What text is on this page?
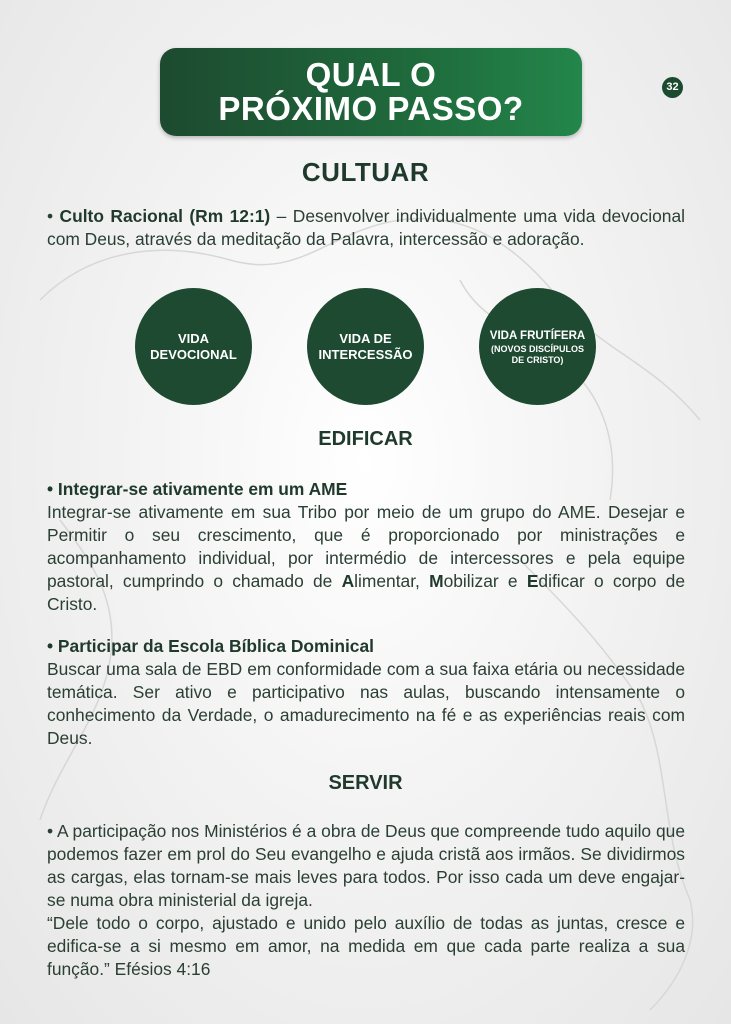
QUAL O
PRÓXIMO PASSO?
32
CULTUAR

• Culto Racional (Rm 12:1) – Desenvolver individualmente uma vida devocional com Deus, através da meditação da Palavra, intercessão e adoração.

VIDA
DEVOCIONAL
VIDA DE
INTERCESSÃO
VIDA FRUTÍFERA
(NOVOS DISCÍPULOS
DE CRISTO)
EDIFICAR

• Integrar-se ativamente em um AME

Integrar-se ativamente em sua Tribo por meio de um grupo do AME. Desejar e Permitir o seu crescimento, que é proporcionado por ministrações e acompanhamento individual, por intermédio de intercessores e pela equipe pastoral, cumprindo o chamado de Alimentar, Mobilizar e Edificar o corpo de Cristo.

• Participar da Escola Bíblica Dominical

Buscar uma sala de EBD em conformidade com a sua faixa etária ou necessidade temática. Ser ativo e participativo nas aulas, buscando intensamente o conhecimento da Verdade, o amadurecimento na fé e as experiências reais com Deus.

SERVIR

• A participação nos Ministérios é a obra de Deus que compreende tudo aquilo que podemos fazer em prol do Seu evangelho e ajuda cristã aos irmãos. Se dividirmos as cargas, elas tornam-se mais leves para todos. Por isso cada um deve engajar-se numa obra ministerial da igreja.

“Dele todo o corpo, ajustado e unido pelo auxílio de todas as juntas, cresce e edifica-se a si mesmo em amor, na medida em que cada parte realiza a sua função.” Efésios 4:16
